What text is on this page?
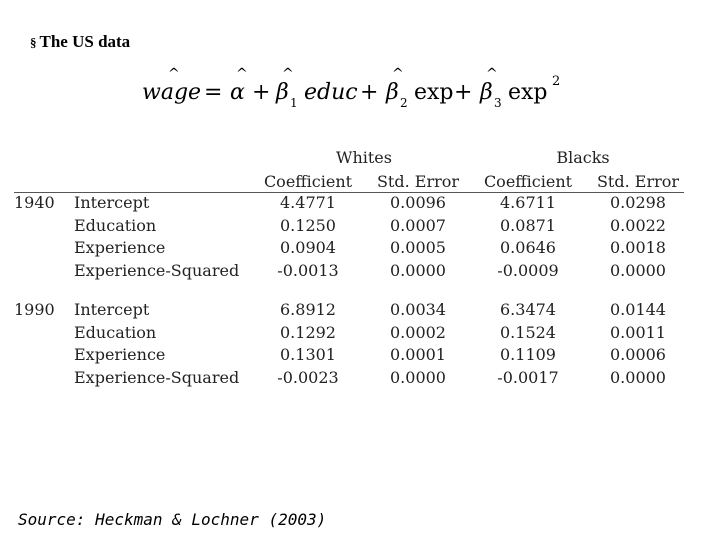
§ The US data
^
wage =
^
α +
^
β 1 educ +
^
β 2 exp +
^
β 3 exp 2
Whites	Blacks
Coefficient	Std. Error	Coefficient	Std. Error
1940	Intercept	4.4771	0.0096	4.6711	0.0298
Education	0.1250	0.0007	0.0871	0.0022
Experience	0.0904	0.0005	0.0646	0.0018
Experience-Squared	-0.0013	0.0000	-0.0009	0.0000
1990	Intercept	6.8912	0.0034	6.3474	0.0144
Education	0.1292	0.0002	0.1524	0.0011
Experience	0.1301	0.0001	0.1109	0.0006
Experience-Squared	-0.0023	0.0000	-0.0017	0.0000
Source: Heckman & Lochner (2003)
